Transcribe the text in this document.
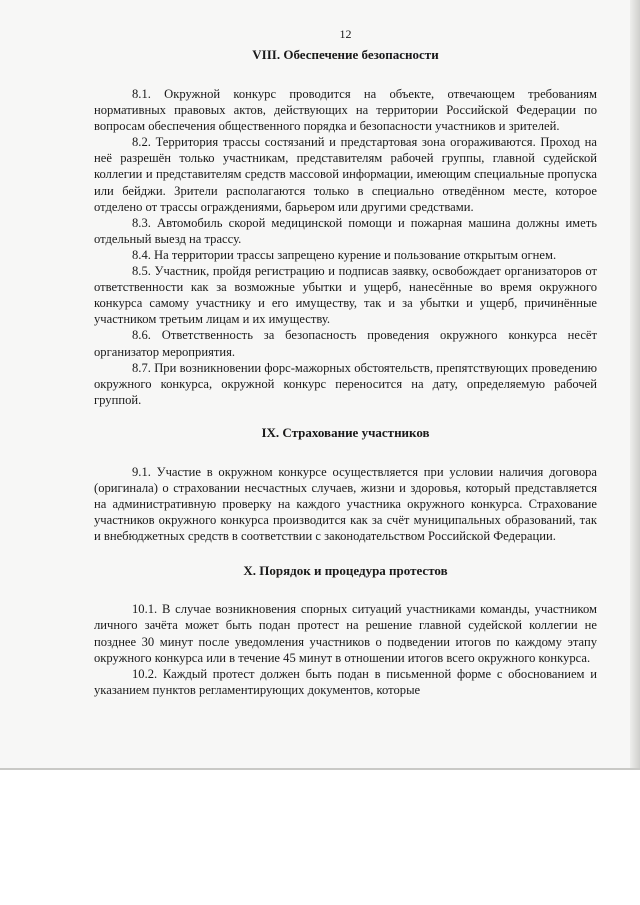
12
VIII. Обеспечение безопасности

8.1. Окружной конкурс проводится на объекте, отвечающем требованиям нормативных правовых актов, действующих на территории Российской Федерации по вопросам обеспечения общественного порядка и безопасности участников и зрителей.

8.2. Территория трассы состязаний и предстартовая зона огораживаются. Проход на неё разрешён только участникам, представителям рабочей группы, главной судейской коллегии и представителям средств массовой информации, имеющим специальные пропуска или бейджи. Зрители располагаются только в специально отведённом месте, которое отделено от трассы ограждениями, барьером или другими средствами.

8.3. Автомобиль скорой медицинской помощи и пожарная машина должны иметь отдельный выезд на трассу.

8.4. На территории трассы запрещено курение и пользование открытым огнем.

8.5. Участник, пройдя регистрацию и подписав заявку, освобождает организаторов от ответственности как за возможные убытки и ущерб, нанесённые во время окружного конкурса самому участнику и его имуществу, так и за убытки и ущерб, причинённые участником третьим лицам и их имуществу.

8.6. Ответственность за безопасность проведения окружного конкурса несёт организатор мероприятия.

8.7. При возникновении форс-мажорных обстоятельств, препятствующих проведению окружного конкурса, окружной конкурс переносится на дату, определяемую рабочей группой.

IX. Страхование участников

9.1. Участие в окружном конкурсе осуществляется при условии наличия договора (оригинала) о страховании несчастных случаев, жизни и здоровья, который представляется на административную проверку на каждого участника окружного конкурса. Страхование участников окружного конкурса производится как за счёт муниципальных образований, так и внебюджетных средств в соответствии с законодательством Российской Федерации.

X. Порядок и процедура протестов

10.1. В случае возникновения спорных ситуаций участниками команды, участником личного зачёта может быть подан протест на решение главной судейской коллегии не позднее 30 минут после уведомления участников о подведении итогов по каждому этапу окружного конкурса или в течение 45 минут в отношении итогов всего окружного конкурса.

10.2. Каждый протест должен быть подан в письменной форме с обоснованием и указанием пунктов регламентирующих документов, которые
